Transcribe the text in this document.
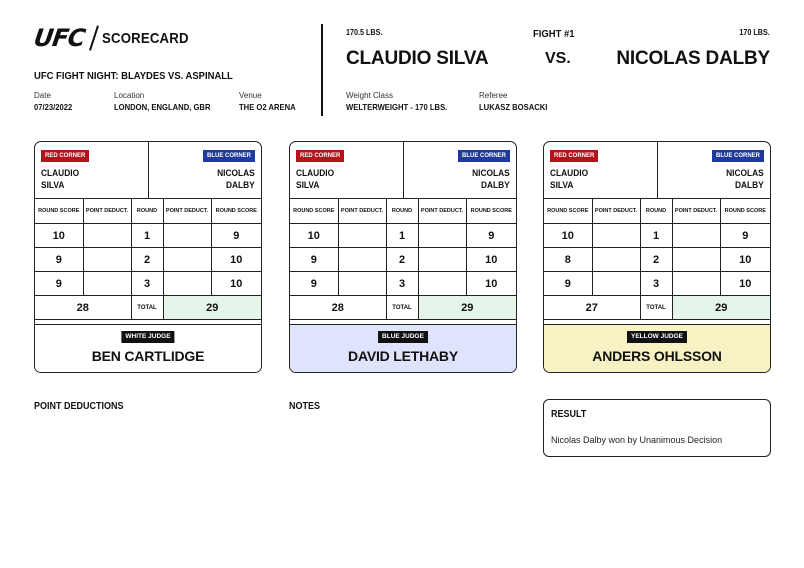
UFC SCORECARD
UFC FIGHT NIGHT: BLAYDES VS. ASPINALL
Date
07/23/2022
Location
LONDON, ENGLAND, GBR
Venue
THE O2 ARENA
170.5 LBS.	FIGHT #1	170 LBS.
CLAUDIO SILVA	VS. NICOLAS DALBY
Weight Class
WELTERWEIGHT - 170 LBS.
Referee
LUKASZ BOSACKI
RED CORNER	BLUE CORNER
CLAUDIO
SILVA
NICOLAS
DALBY
ROUND SCORE	POINT DEDUCT.	ROUND	POINT DEDUCT.	ROUND SCORE
10		1		9
9		2		10
9		3		10
28		TOTAL	29	
WHITE JUDGE
BEN CARTLIDGE
RED CORNER	BLUE CORNER
CLAUDIO
SILVA
NICOLAS
DALBY
ROUND SCORE	POINT DEDUCT.	ROUND	POINT DEDUCT.	ROUND SCORE
10		1		9
9		2		10
9		3		10
28		TOTAL	29	
BLUE JUDGE
DAVID LETHABY
RED CORNER	BLUE CORNER
CLAUDIO
SILVA
NICOLAS
DALBY
ROUND SCORE	POINT DEDUCT.	ROUND	POINT DEDUCT.	ROUND SCORE
10		1		9
8		2		10
9		3		10
27		TOTAL	29	
YELLOW JUDGE
ANDERS OHLSSON
POINT DEDUCTIONS	NOTES
RESULT
Nicolas Dalby won by Unanimous Decision
